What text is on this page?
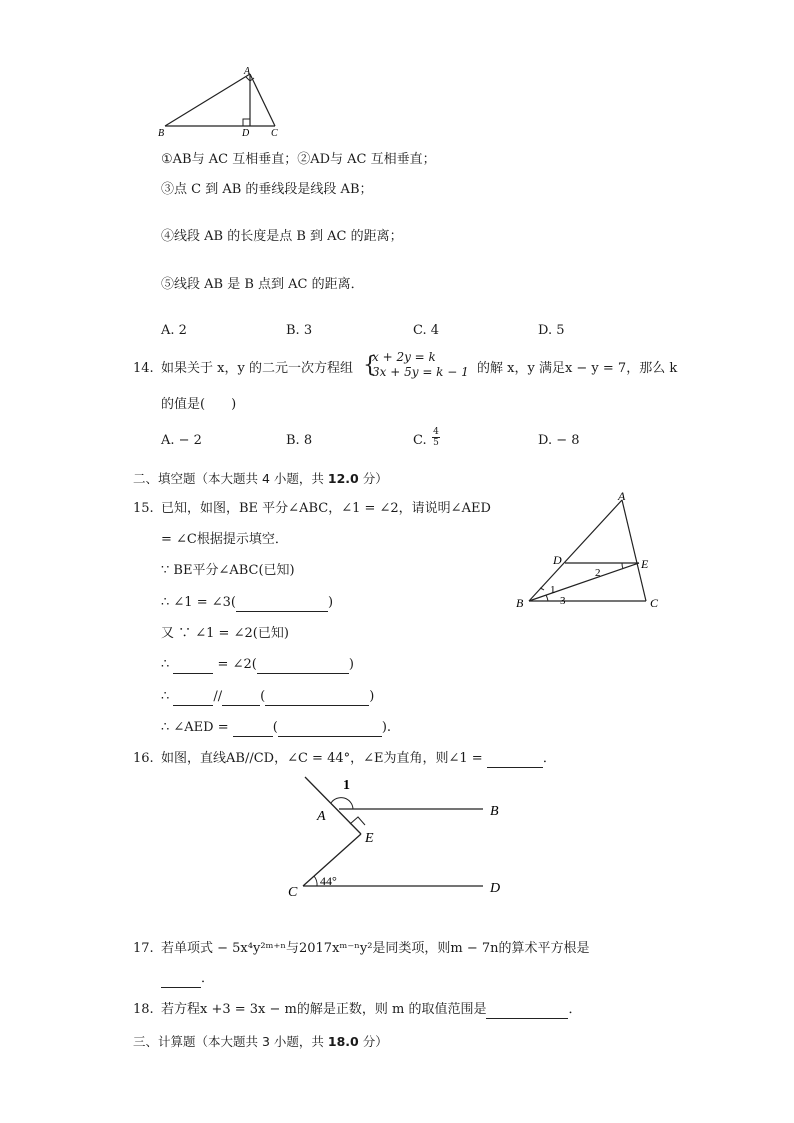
A
B	D C
①AB与 AC 互相垂直；②AD与 AC 互相垂直；
③点 C 到 AB 的垂线段是线段 AB；
④线段 AB 的长度是点 B 到 AC 的距离；
⑤线段 AB 是 B 点到 AC 的距离．
A. 2	B. 3	C. 4	D. 5
14. 如果关于 x，y 的二元一次方程组 {
x + 2y = k
3x + 5y = k − 1 的解 x，y 满足x − y = 7，那么 k
的值是(　　)
A. − 2	B. 8	C. $\frac{4}{5}$	D. − 8
二、填空题（本大题共 4 小题，共 12.0 分）
15. 已知，如图，BE 平分∠ABC，∠1 = ∠2，请说明∠AED
= ∠C根据提示填空．
∵ BE平分∠ABC(已知)
∴ ∠1 = ∠3(	)
又 ∵ ∠1 = ∠2(已知)
∴	= ∠2(	)
∴	//	(	)
∴ ∠AED =	(	).
A
B	C
D	E
1
2
3
16. 如图，直线AB//CD，∠C = 44°，∠E为直角，则∠1 =	．
1
A	B
E
C	D
44°
17. 若单项式 − 5x⁴y²ᵐ⁺ⁿ与2017xᵐ⁻ⁿy²是同类项，则m − 7n的算术平方根是
．
18. 若方程x +3 = 3x − m的解是正数，则 m 的取值范围是	．
三、计算题（本大题共 3 小题，共 18.0 分）
